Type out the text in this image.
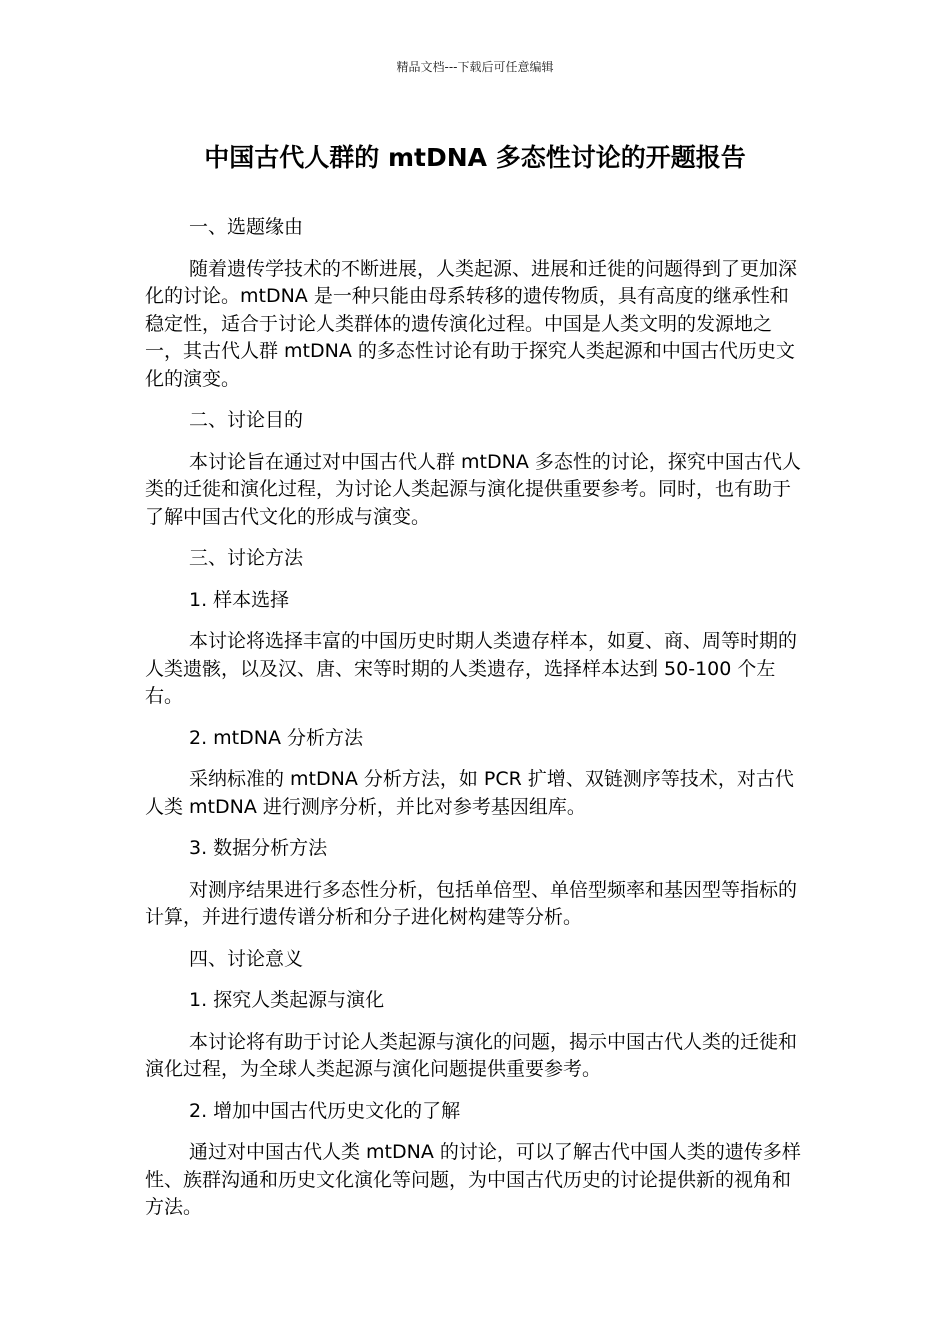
精品文档---下载后可任意编辑
中国古代人群的 mtDNA 多态性讨论的开题报告
一、选题缘由
随着遗传学技术的不断进展，人类起源、进展和迁徙的问题得到了更加深化的讨论。mtDNA 是一种只能由母系转移的遗传物质，具有高度的继承性和稳定性，适合于讨论人类群体的遗传演化过程。中国是人类文明的发源地之一，其古代人群 mtDNA 的多态性讨论有助于探究人类起源和中国古代历史文化的演变。
二、讨论目的
本讨论旨在通过对中国古代人群 mtDNA 多态性的讨论，探究中国古代人类的迁徙和演化过程，为讨论人类起源与演化提供重要参考。同时，也有助于了解中国古代文化的形成与演变。
三、讨论方法
1. 样本选择
本讨论将选择丰富的中国历史时期人类遗存样本，如夏、商、周等时期的人类遗骸，以及汉、唐、宋等时期的人类遗存，选择样本达到 50-100 个左右。
2. mtDNA 分析方法
采纳标准的 mtDNA 分析方法，如 PCR 扩增、双链测序等技术，对古代人类 mtDNA 进行测序分析，并比对参考基因组库。
3. 数据分析方法
对测序结果进行多态性分析，包括单倍型、单倍型频率和基因型等指标的计算，并进行遗传谱分析和分子进化树构建等分析。
四、讨论意义
1. 探究人类起源与演化
本讨论将有助于讨论人类起源与演化的问题，揭示中国古代人类的迁徙和演化过程，为全球人类起源与演化问题提供重要参考。
2. 增加中国古代历史文化的了解
通过对中国古代人类 mtDNA 的讨论，可以了解古代中国人类的遗传多样性、族群沟通和历史文化演化等问题，为中国古代历史的讨论提供新的视角和方法。
